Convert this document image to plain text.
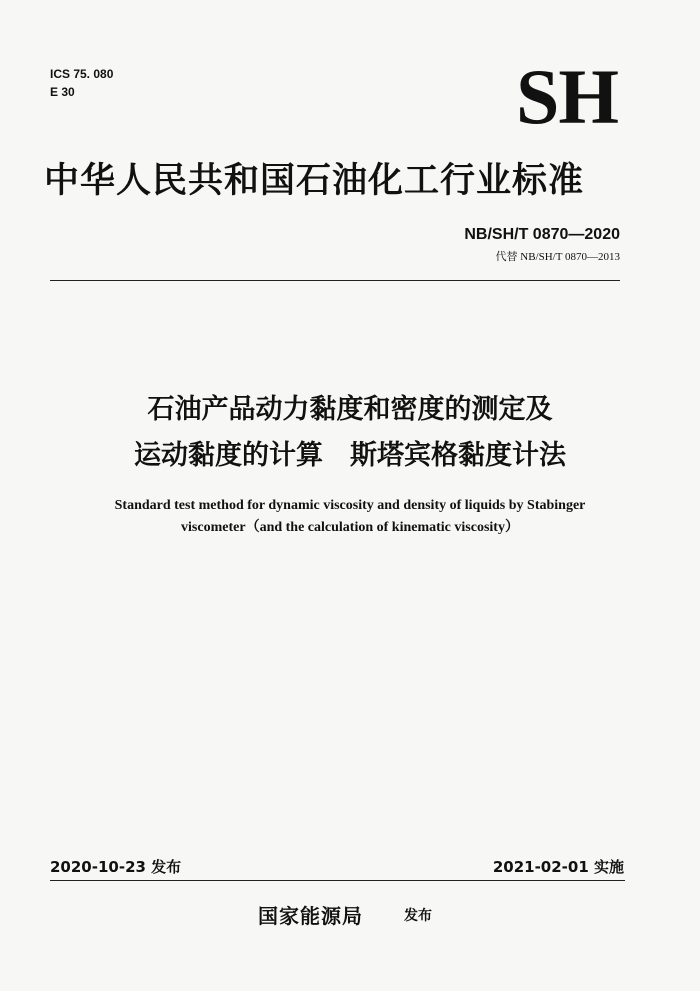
ICS 75. 080
E 30	SH
中华人民共和国石油化工行业标准
NB/SH/T 0870—2020
代替 NB/SH/T 0870—2013
石油产品动力黏度和密度的测定及
运动黏度的计算　斯塔宾格黏度计法
Standard test method for dynamic viscosity and density of liquids by Stabinger
viscometer（and the calculation of kinematic viscosity）
2020-10-23 发布	2021-02-01 实施
国家能源局	发布
